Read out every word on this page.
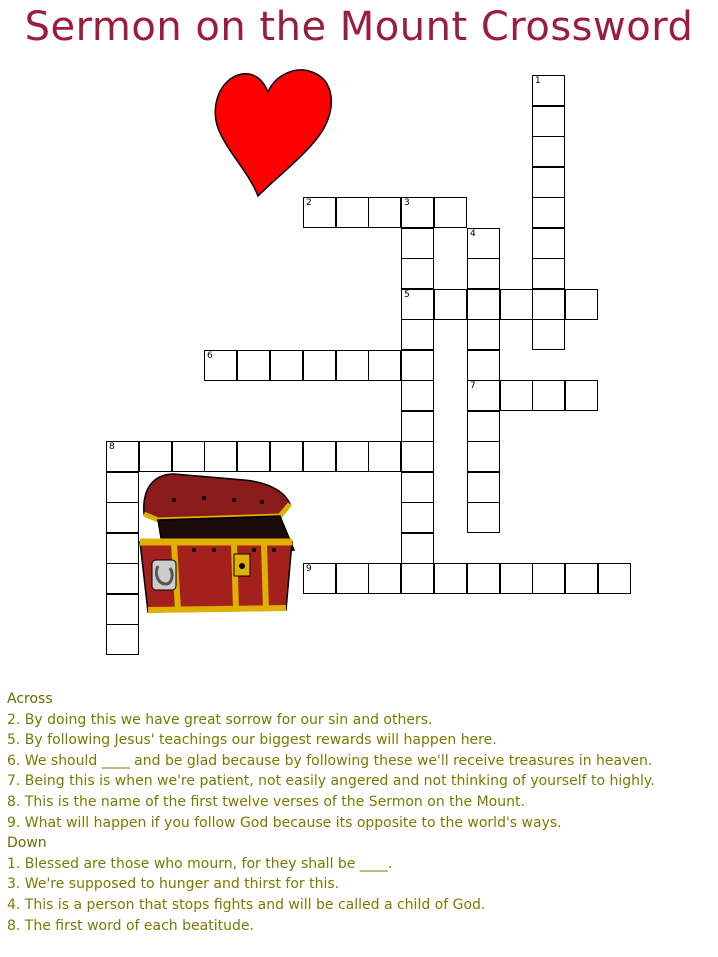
Sermon on the Mount Crossword
1
2	3
5
4
7
6
8
9
Across
2. By doing this we have great sorrow for our sin and others.
5. By following Jesus' teachings our biggest rewards will happen here.
6. We should ____ and be glad because by following these we'll receive treasures in heaven.
7. Being this is when we're patient, not easily angered and not thinking of yourself to highly.
8. This is the name of the first twelve verses of the Sermon on the Mount.
9. What will happen if you follow God because its opposite to the world's ways.
Down
1. Blessed are those who mourn, for they shall be ____.
3. We're supposed to hunger and thirst for this.
4. This is a person that stops fights and will be called a child of God.
8. The first word of each beatitude.
